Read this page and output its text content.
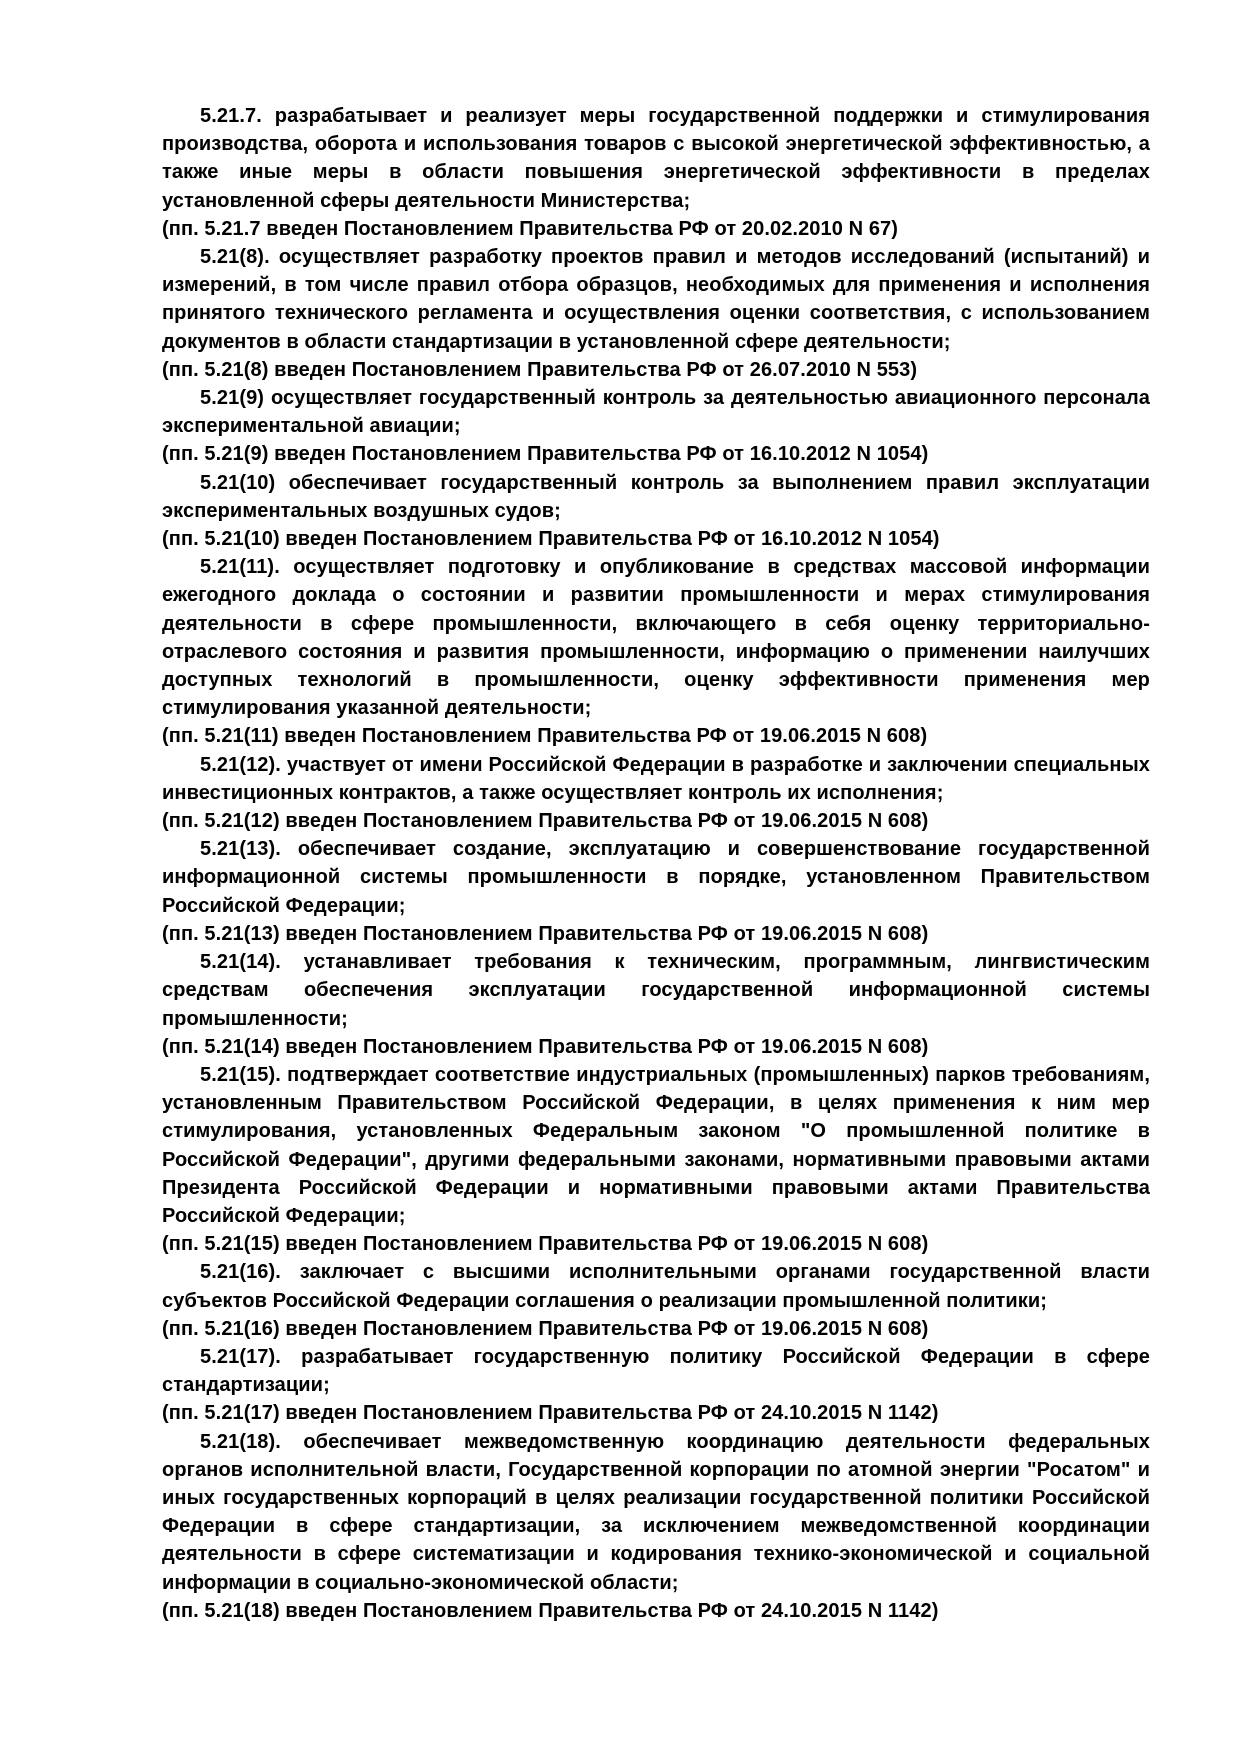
5.21.7. разрабатывает и реализует меры государственной поддержки и стимулирования производства, оборота и использования товаров с высокой энергетической эффективностью, а также иные меры в области повышения энергетической эффективности в пределах установленной сферы деятельности Министерства;

(пп. 5.21.7 введен Постановлением Правительства РФ от 20.02.2010 N 67)

5.21(8). осуществляет разработку проектов правил и методов исследований (испытаний) и измерений, в том числе правил отбора образцов, необходимых для применения и исполнения принятого технического регламента и осуществления оценки соответствия, с использованием документов в области стандартизации в установленной сфере деятельности;

(пп. 5.21(8) введен Постановлением Правительства РФ от 26.07.2010 N 553)

5.21(9) осуществляет государственный контроль за деятельностью авиационного персонала экспериментальной авиации;

(пп. 5.21(9) введен Постановлением Правительства РФ от 16.10.2012 N 1054)

5.21(10) обеспечивает государственный контроль за выполнением правил эксплуатации экспериментальных воздушных судов;

(пп. 5.21(10) введен Постановлением Правительства РФ от 16.10.2012 N 1054)

5.21(11). осуществляет подготовку и опубликование в средствах массовой информации ежегодного доклада о состоянии и развитии промышленности и мерах стимулирования деятельности в сфере промышленности, включающего в себя оценку территориально-отраслевого состояния и развития промышленности, информацию о применении наилучших доступных технологий в промышленности, оценку эффективности применения мер стимулирования указанной деятельности;

(пп. 5.21(11) введен Постановлением Правительства РФ от 19.06.2015 N 608)

5.21(12). участвует от имени Российской Федерации в разработке и заключении специальных инвестиционных контрактов, а также осуществляет контроль их исполнения;

(пп. 5.21(12) введен Постановлением Правительства РФ от 19.06.2015 N 608)

5.21(13). обеспечивает создание, эксплуатацию и совершенствование государственной информационной системы промышленности в порядке, установленном Правительством Российской Федерации;

(пп. 5.21(13) введен Постановлением Правительства РФ от 19.06.2015 N 608)

5.21(14). устанавливает требования к техническим, программным, лингвистическим средствам обеспечения эксплуатации государственной информационной системы промышленности;

(пп. 5.21(14) введен Постановлением Правительства РФ от 19.06.2015 N 608)

5.21(15). подтверждает соответствие индустриальных (промышленных) парков требованиям, установленным Правительством Российской Федерации, в целях применения к ним мер стимулирования, установленных Федеральным законом "О промышленной политике в Российской Федерации", другими федеральными законами, нормативными правовыми актами Президента Российской Федерации и нормативными правовыми актами Правительства Российской Федерации;

(пп. 5.21(15) введен Постановлением Правительства РФ от 19.06.2015 N 608)

5.21(16). заключает с высшими исполнительными органами государственной власти субъектов Российской Федерации соглашения о реализации промышленной политики;

(пп. 5.21(16) введен Постановлением Правительства РФ от 19.06.2015 N 608)

5.21(17). разрабатывает государственную политику Российской Федерации в сфере стандартизации;

(пп. 5.21(17) введен Постановлением Правительства РФ от 24.10.2015 N 1142)

5.21(18). обеспечивает межведомственную координацию деятельности федеральных органов исполнительной власти, Государственной корпорации по атомной энергии "Росатом" и иных государственных корпораций в целях реализации государственной политики Российской Федерации в сфере стандартизации, за исключением межведомственной координации деятельности в сфере систематизации и кодирования технико-экономической и социальной информации в социально-экономической области;

(пп. 5.21(18) введен Постановлением Правительства РФ от 24.10.2015 N 1142)
